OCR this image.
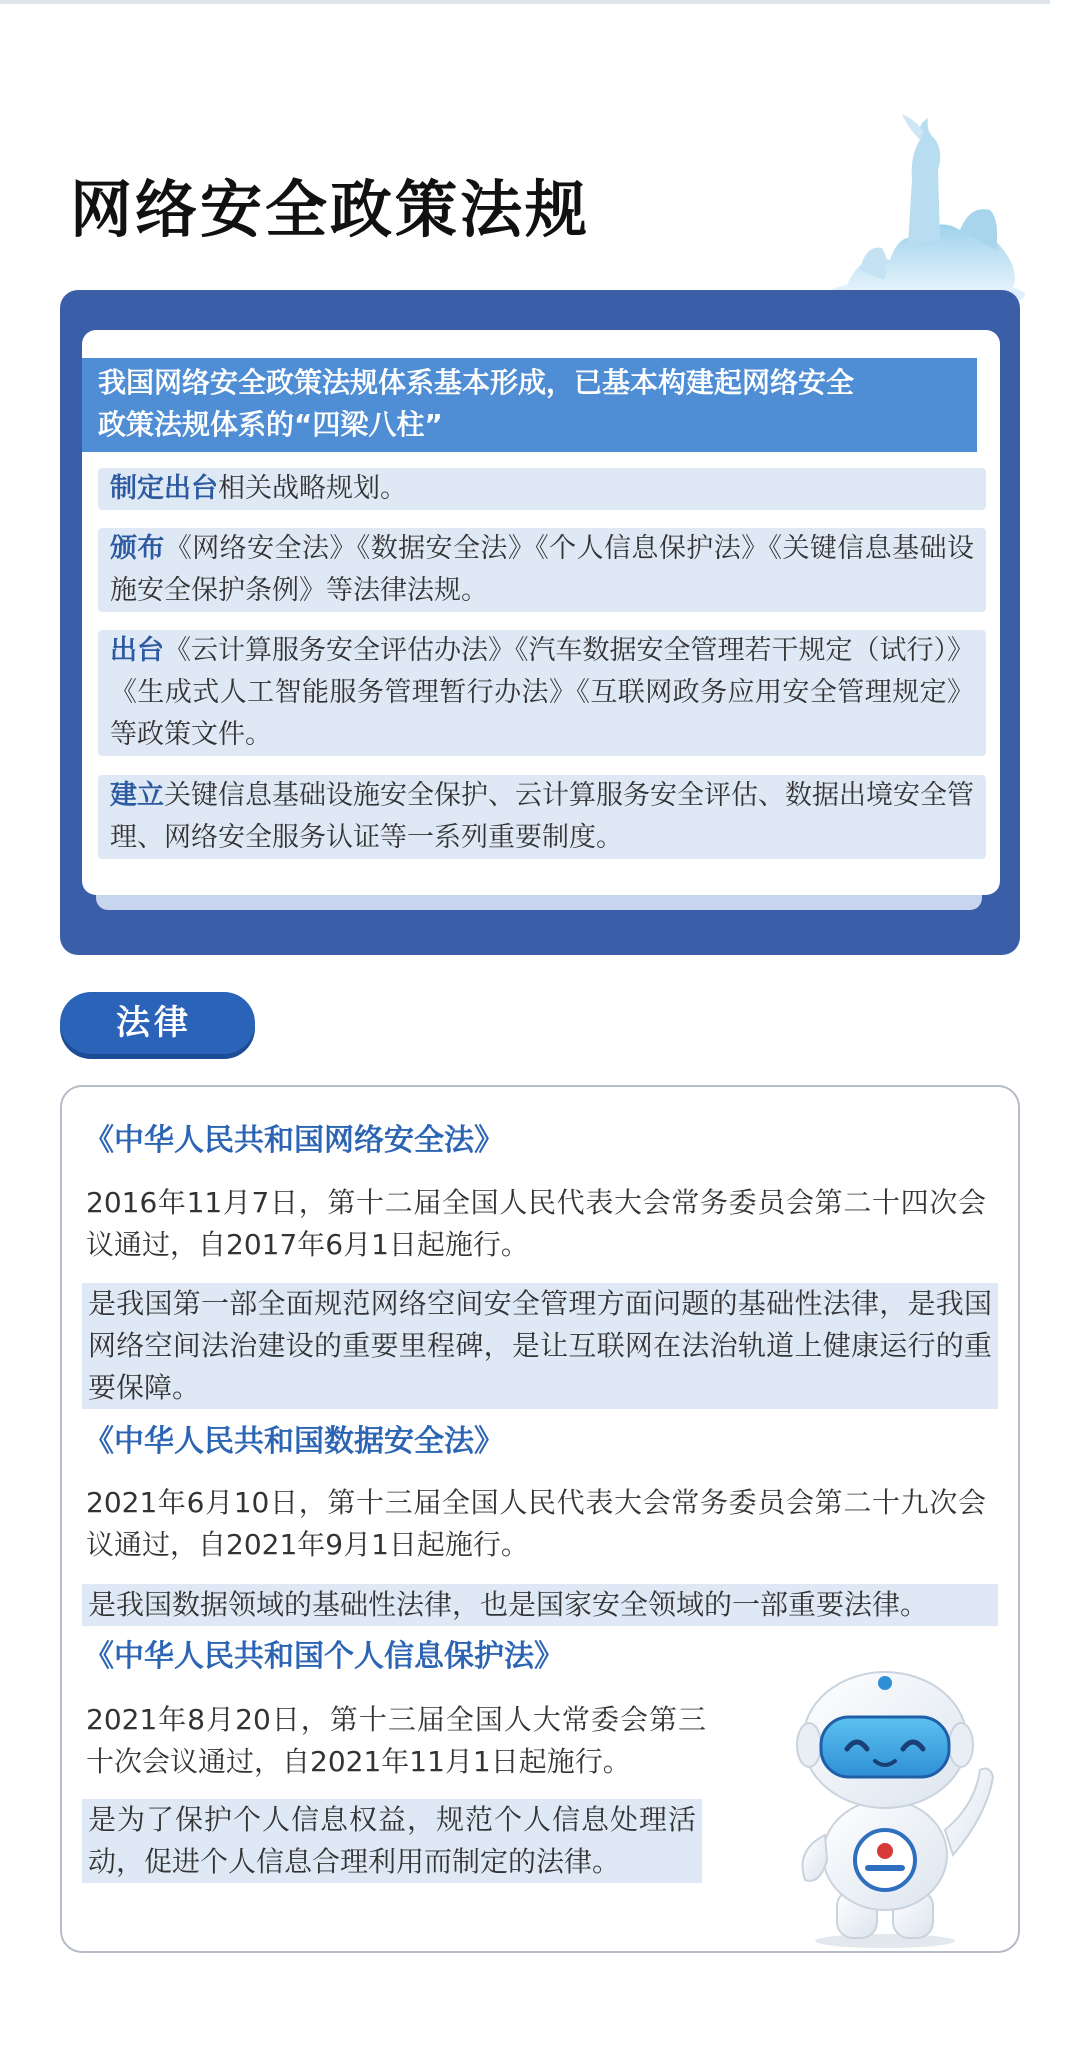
网络安全政策法规
我国网络安全政策法规体系基本形成，已基本构建起网络安全
政策法规体系的“四梁八柱”
制定出台相关战略规划。
颁布《网络安全法》《数据安全法》《个人信息保护法》《关键信息基础设施安全保护条例》等法律法规。
出台《云计算服务安全评估办法》《汽车数据安全管理若干规定（试行）》《生成式人工智能服务管理暂行办法》《互联网政务应用安全管理规定》等政策文件。
建立关键信息基础设施安全保护、云计算服务安全评估、数据出境安全管理、网络安全服务认证等一系列重要制度。
法律
《中华人民共和国网络安全法》
2016年11月7日，第十二届全国人民代表大会常务委员会第二十四次会议通过，自2017年6月1日起施行。
是我国第一部全面规范网络空间安全管理方面问题的基础性法律，是我国网络空间法治建设的重要里程碑，是让互联网在法治轨道上健康运行的重要保障。
《中华人民共和国数据安全法》
2021年6月10日，第十三届全国人民代表大会常务委员会第二十九次会议通过，自2021年9月1日起施行。
是我国数据领域的基础性法律，也是国家安全领域的一部重要法律。
《中华人民共和国个人信息保护法》
2021年8月20日，第十三届全国人大常委会第三十次会议通过，自2021年11月1日起施行。
是为了保护个人信息权益，规范个人信息处理活动，促进个人信息合理利用而制定的法律。
